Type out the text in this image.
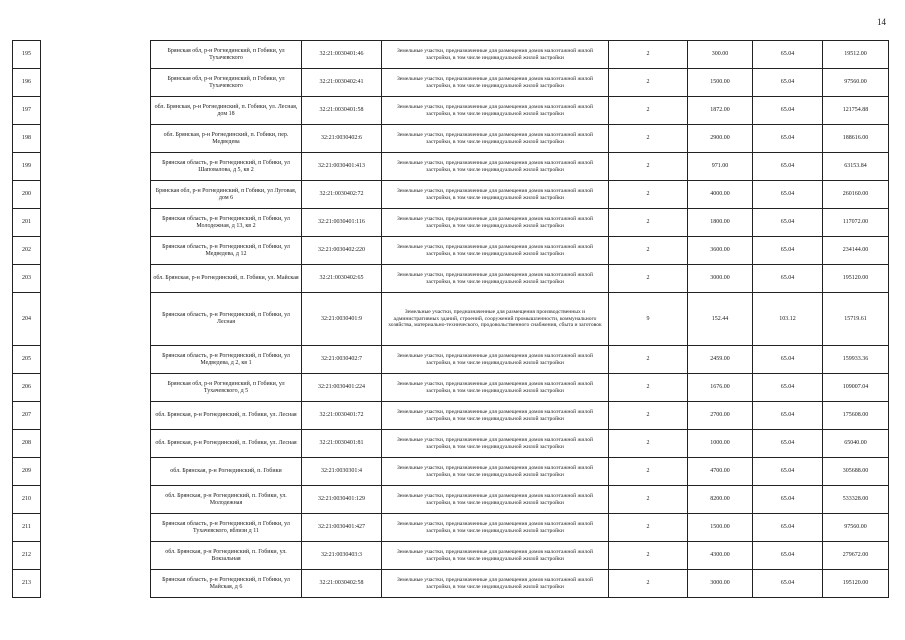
14
195		Брянская обл, р-н Рогнединский, п Гобики, ул Тухачевского	32:21:0030401:46	Земельные участки, предназначенные для размещения домов малоэтажной жилой застройки, в том числе индивидуальной жилой застройки	2	300.00	65.04	19512.00
196		Брянская обл, р-н Рогнединский, п Гобики, ул Тухачевского	32:21:0030402:41	Земельные участки, предназначенные для размещения домов малоэтажной жилой застройки, в том числе индивидуальной жилой застройки	2	1500.00	65.04	97560.00
197		обл. Брянская, р-н Рогнединский, п. Гобики, ул. Лесная, дом 18	32:21:0030401:58	Земельные участки, предназначенные для размещения домов малоэтажной жилой застройки, в том числе индивидуальной жилой застройки	2	1872.00	65.04	121754.88
198		обл. Брянская, р-н Рогнединский, п. Гобики, пер. Медведева	32:21:0030402:6	Земельные участки, предназначенные для размещения домов малоэтажной жилой застройки, в том числе индивидуальной жилой застройки	2	2900.00	65.04	188616.00
199		Брянская область, р-н Рогнединский, п Гобики, ул Шаповалова, д 5, кв 2	32:21:0030401:413	Земельные участки, предназначенные для размещения домов малоэтажной жилой застройки, в том числе индивидуальной жилой застройки	2	971.00	65.04	63153.84
200		Брянская обл, р-н Рогнединский, п Гобики, ул Луговая, дом 6	32:21:0030402:72	Земельные участки, предназначенные для размещения домов малоэтажной жилой застройки, в том числе индивидуальной жилой застройки	2	4000.00	65.04	260160.00
201		Брянская область, р-н Рогнединский, п Гобики, ул Молодежная, д 13, кв 2	32:21:0030401:116	Земельные участки, предназначенные для размещения домов малоэтажной жилой застройки, в том числе индивидуальной жилой застройки	2	1800.00	65.04	117072.00
202		Брянская область, р-н Рогнединский, п Гобики, ул Медведева, д 12	32:21:0030402:220	Земельные участки, предназначенные для размещения домов малоэтажной жилой застройки, в том числе индивидуальной жилой застройки	2	3600.00	65.04	234144.00
203		обл. Брянская, р-н Рогнединский, п. Гобики, ул. Майская	32:21:0030402:65	Земельные участки, предназначенные для размещения домов малоэтажной жилой застройки, в том числе индивидуальной жилой застройки	2	3000.00	65.04	195120.00
204		Брянская область, р-н Рогнединский, п Гобики, ул Лесная	32:21:0030401:9	Земельные участки, предназначенные для размещения производственных и административных зданий, строений, сооружений промышленности, коммунального хозяйства, материально-технического, продовольственного снабжения, сбыта и заготовок	9	152.44	103.12	15719.61
205		Брянская область, р-н Рогнединский, п Гобики, ул Медведева, д 2, кв 1	32:21:0030402:7	Земельные участки, предназначенные для размещения домов малоэтажной жилой застройки, в том числе индивидуальной жилой застройки	2	2459.00	65.04	159933.36
206		Брянская обл, р-н Рогнединский, п Гобики, ул Тухачевского, д 5	32:21:0030401:224	Земельные участки, предназначенные для размещения домов малоэтажной жилой застройки, в том числе индивидуальной жилой застройки	2	1676.00	65.04	109007.04
207		обл. Брянская, р-н Рогнединский, п. Гобики, ул. Лесная	32:21:0030401:72	Земельные участки, предназначенные для размещения домов малоэтажной жилой застройки, в том числе индивидуальной жилой застройки	2	2700.00	65.04	175608.00
208		обл. Брянская, р-н Рогнединский, п. Гобики, ул. Лесная	32:21:0030401:81	Земельные участки, предназначенные для размещения домов малоэтажной жилой застройки, в том числе индивидуальной жилой застройки	2	1000.00	65.04	65040.00
209		обл. Брянская, р-н Рогнединский, п. Гобики	32:21:0030301:4	Земельные участки, предназначенные для размещения домов малоэтажной жилой застройки, в том числе индивидуальной жилой застройки	2	4700.00	65.04	305688.00
210		обл. Брянская, р-н Рогнединский, п. Гобики, ул. Молодежная	32:21:0030401:129	Земельные участки, предназначенные для размещения домов малоэтажной жилой застройки, в том числе индивидуальной жилой застройки	2	8200.00	65.04	533328.00
211		Брянская область, р-н Рогнединский, п Гобики, ул Тухачевского, вблизи д 11	32:21:0030401:427	Земельные участки, предназначенные для размещения домов малоэтажной жилой застройки, в том числе индивидуальной жилой застройки	2	1500.00	65.04	97560.00
212		обл. Брянская, р-н Рогнединский, п. Гобики, ул. Вокзальная	32:21:0030403:3	Земельные участки, предназначенные для размещения домов малоэтажной жилой застройки, в том числе индивидуальной жилой застройки	2	4300.00	65.04	279672.00
213		Брянская область, р-н Рогнединский, п Гобики, ул Майская, д 6	32:21:0030402:58	Земельные участки, предназначенные для размещения домов малоэтажной жилой застройки, в том числе индивидуальной жилой застройки	2	3000.00	65.04	195120.00
